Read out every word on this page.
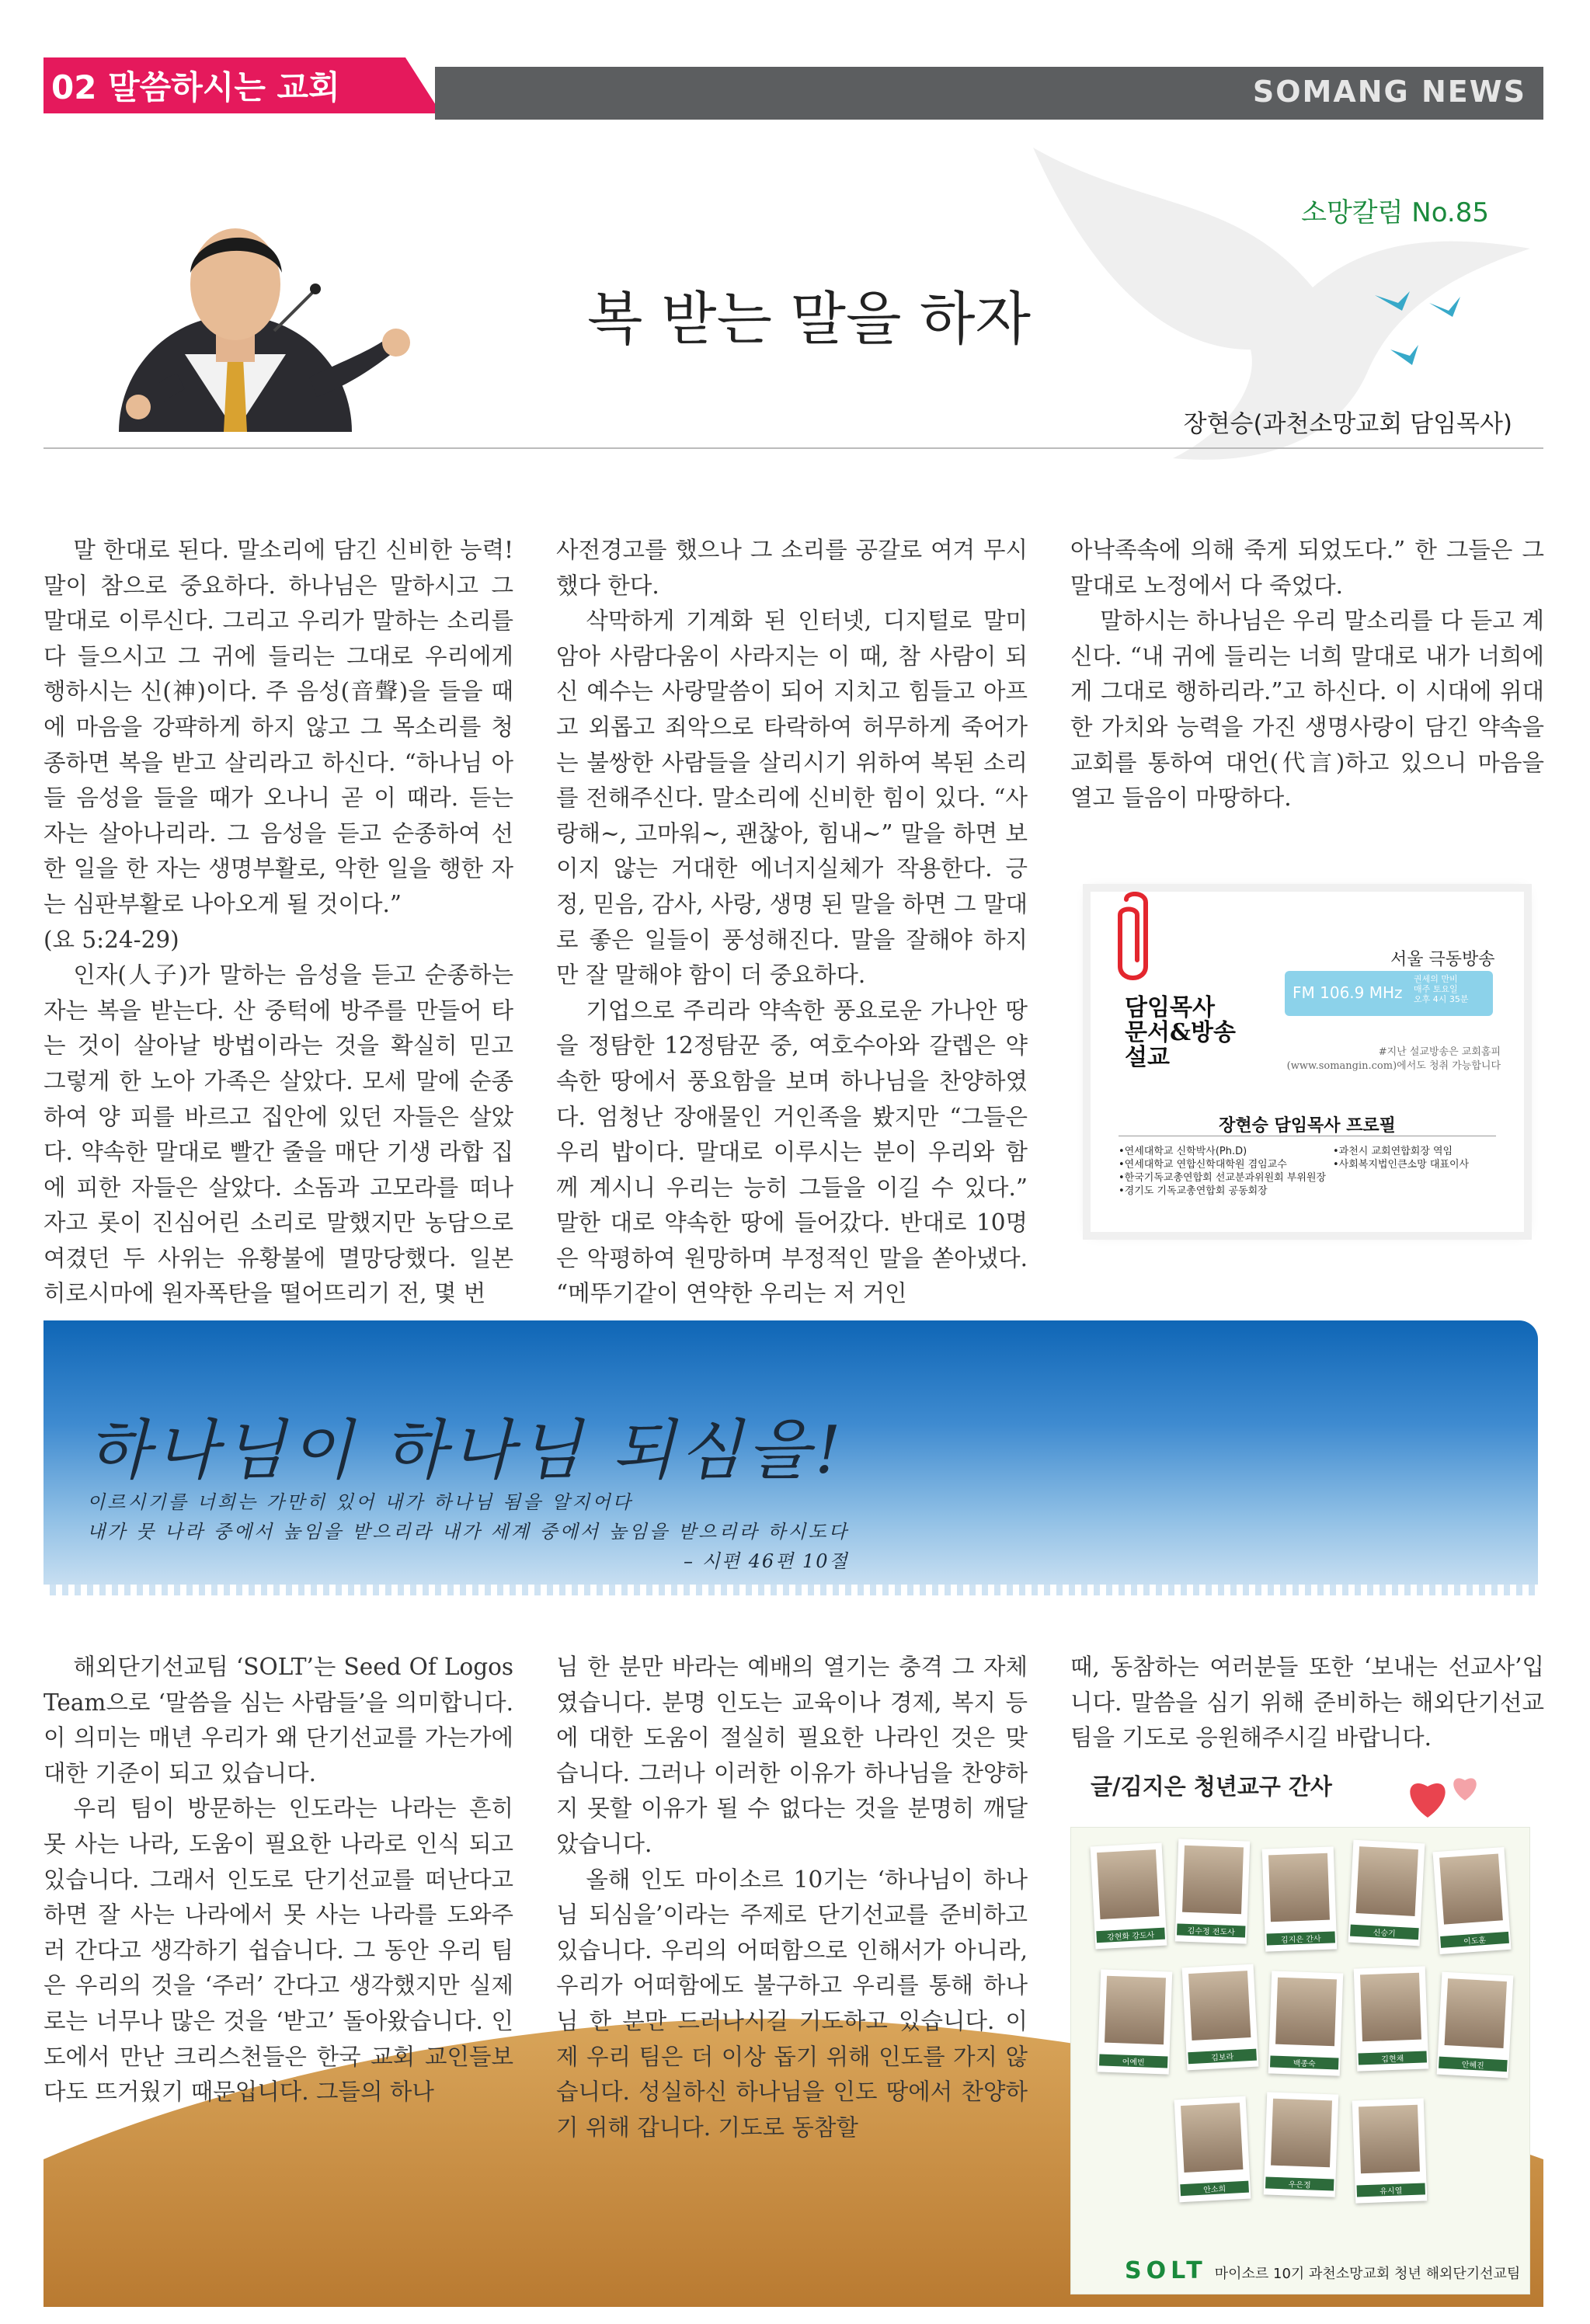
02 말씀하시는 교회	SOMANG NEWS
소망칼럼 No.85
복 받는 말을 하자
장현승(과천소망교회 담임목사)

말 한대로 된다. 말소리에 담긴 신비한 능력! 말이 참으로 중요하다. 하나님은 말하시고 그 말대로 이루신다. 그리고 우리가 말하는 소리를 다 들으시고 그 귀에 들리는 그대로 우리에게 행하시는 신(神)이다. 주 음성(音聲)을 들을 때에 마음을 강퍅하게 하지 않고 그 목소리를 청종하면 복을 받고 살리라고 하신다. “하나님 아들 음성을 들을 때가 오나니 곧 이 때라. 듣는 자는 살아나리라. 그 음성을 듣고 순종하여 선한 일을 한 자는 생명부활로, 악한 일을 행한 자는 심판부활로 나아오게 될 것이다.”

(요 5:24-29)

인자(人子)가 말하는 음성을 듣고 순종하는 자는 복을 받는다. 산 중턱에 방주를 만들어 타는 것이 살아날 방법이라는 것을 확실히 믿고 그렇게 한 노아 가족은 살았다. 모세 말에 순종하여 양 피를 바르고 집안에 있던 자들은 살았다. 약속한 말대로 빨간 줄을 매단 기생 라합 집에 피한 자들은 살았다. 소돔과 고모라를 떠나자고 롯이 진심어린 소리로 말했지만 농담으로 여겼던 두 사위는 유황불에 멸망당했다. 일본 히로시마에 원자폭탄을 떨어뜨리기 전, 몇 번

사전경고를 했으나 그 소리를 공갈로 여겨 무시했다 한다.

삭막하게 기계화 된 인터넷, 디지털로 말미암아 사람다움이 사라지는 이 때, 참 사람이 되신 예수는 사랑말씀이 되어 지치고 힘들고 아프고 외롭고 죄악으로 타락하여 허무하게 죽어가는 불쌍한 사람들을 살리시기 위하여 복된 소리를 전해주신다. 말소리에 신비한 힘이 있다. “사랑해~, 고마워~, 괜찮아, 힘내~” 말을 하면 보이지 않는 거대한 에너지실체가 작용한다. 긍정, 믿음, 감사, 사랑, 생명 된 말을 하면 그 말대로 좋은 일들이 풍성해진다. 말을 잘해야 하지만 잘 말해야 함이 더 중요하다.

기업으로 주리라 약속한 풍요로운 가나안 땅을 정탐한 12정탐꾼 중, 여호수아와 갈렙은 약속한 땅에서 풍요함을 보며 하나님을 찬양하였다. 엄청난 장애물인 거인족을 봤지만 “그들은 우리 밥이다. 말대로 이루시는 분이 우리와 함께 계시니 우리는 능히 그들을 이길 수 있다.” 말한 대로 약속한 땅에 들어갔다. 반대로 10명은 악평하여 원망하며 부정적인 말을 쏟아냈다. “메뚜기같이 연약한 우리는 저 거인

아낙족속에 의해 죽게 되었도다.” 한 그들은 그 말대로 노정에서 다 죽었다.

말하시는 하나님은 우리 말소리를 다 듣고 계신다. “내 귀에 들리는 너희 말대로 내가 너희에게 그대로 행하리라.”고 하신다. 이 시대에 위대한 가치와 능력을 가진 생명사랑이 담긴 약속을 교회를 통하여 대언(代言)하고 있으니 마음을 열고 들음이 마땅하다.

서울 극동방송
FM 106.9 MHz
권세의 만비
매주 토요일
오후 4시 35분
담임목사
문서&방송
설교	#지난 설교방송은 교회홈피
(www.somangin.com)에서도 청취 가능합니다
장현승 담임목사 프로필
•연세대학교 신학박사(Ph.D)
•연세대학교 연합신학대학원 겸임교수
•한국기독교총연합회 선교분과위원회 부위원장
•경기도 기독교총연합회 공동회장
•과천시 교회연합회장 역임
•사회복지법인큰소망 대표이사
하나님이 하나님 되심을!
이르시기를 너희는 가만히 있어 내가 하나님 됨을 알지어다
내가 뭇 나라 중에서 높임을 받으리라 내가 세계 중에서 높임을 받으리라 하시도다
– 시편 46편 10절

해외단기선교팀 ‘SOLT’는 Seed Of Logos Team으로 ‘말씀을 심는 사람들’을 의미합니다. 이 의미는 매년 우리가 왜 단기선교를 가는가에 대한 기준이 되고 있습니다.

우리 팀이 방문하는 인도라는 나라는 흔히 못 사는 나라, 도움이 필요한 나라로 인식 되고 있습니다. 그래서 인도로 단기선교를 떠난다고 하면 잘 사는 나라에서 못 사는 나라를 도와주러 간다고 생각하기 쉽습니다. 그 동안 우리 팀은 우리의 것을 ‘주러’ 간다고 생각했지만 실제로는 너무나 많은 것을 ‘받고’ 돌아왔습니다. 인도에서 만난 크리스천들은 한국 교회 교인들보다도 뜨거웠기 때문입니다. 그들의 하나

님 한 분만 바라는 예배의 열기는 충격 그 자체였습니다. 분명 인도는 교육이나 경제, 복지 등에 대한 도움이 절실히 필요한 나라인 것은 맞습니다. 그러나 이러한 이유가 하나님을 찬양하지 못할 이유가 될 수 없다는 것을 분명히 깨달았습니다.

올해 인도 마이소르 10기는 ‘하나님이 하나님 되심을’이라는 주제로 단기선교를 준비하고 있습니다. 우리의 어떠함으로 인해서가 아니라, 우리가 어떠함에도 불구하고 우리를 통해 하나님 한 분만 드러나시길 기도하고 있습니다. 이제 우리 팀은 더 이상 돕기 위해 인도를 가지 않습니다. 성실하신 하나님을 인도 땅에서 찬양하기 위해 갑니다. 기도로 동참할

때, 동참하는 여러분들 또한 ‘보내는 선교사’입니다. 말씀을 심기 위해 준비하는 해외단기선교팀을 기도로 응원해주시길 바랍니다.

글/김지은 청년교구 간사
강현화 강도사	김수정 전도사
김지은 간사
신승기
이도훈
어예빈	김보라
백종숙	김현채
안혜진
안소희	우은정
유시열
SOLT 마이소르 10기 과천소망교회 청년 해외단기선교팀
